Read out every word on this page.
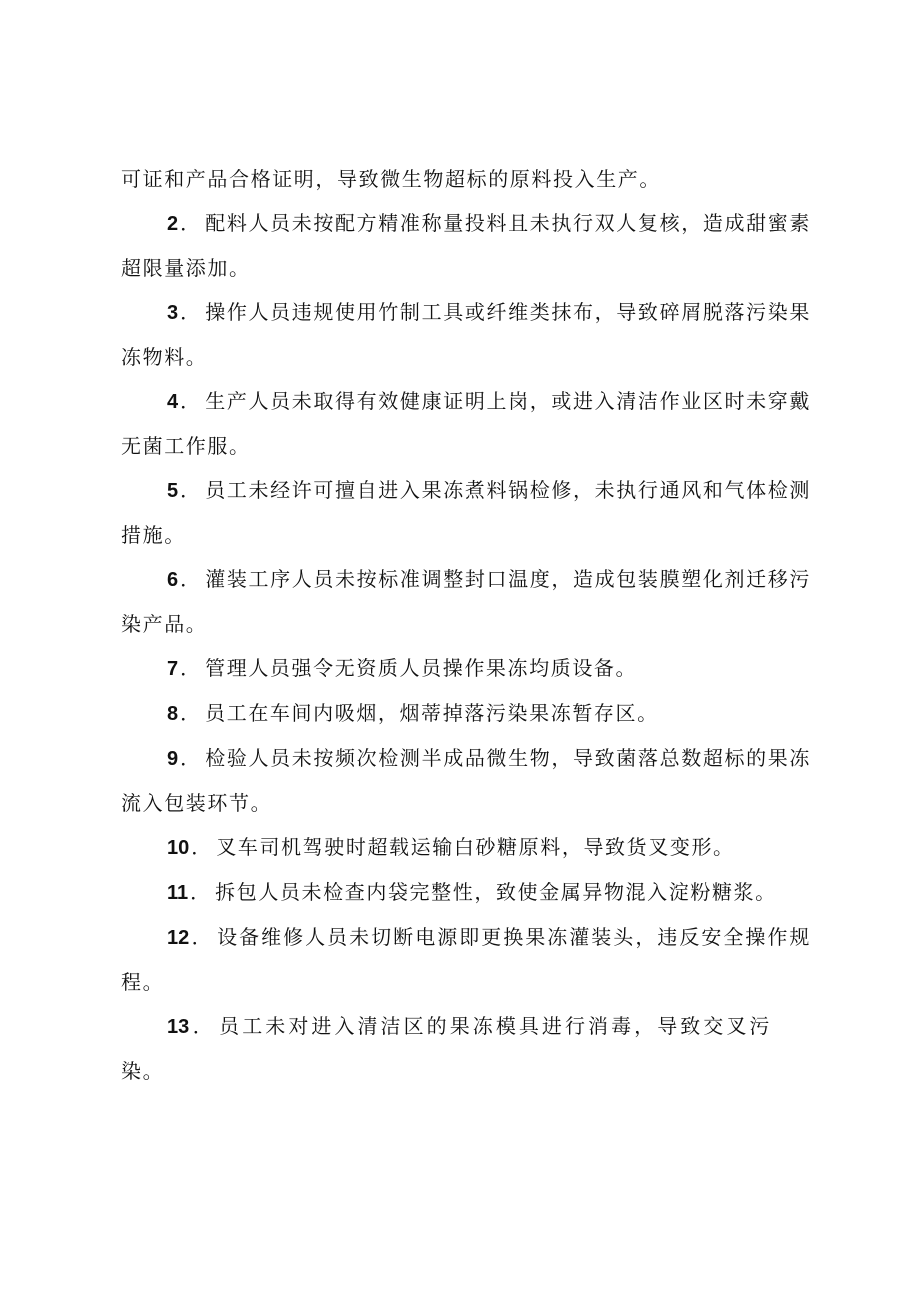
可证和产品合格证明，导致微生物超标的原料投入生产。

2 ．配料人员未按配方精准称量投料且未执行双人复核，造成甜蜜素超限量添加。

3 ．操作人员违规使用竹制工具或纤维类抹布，导致碎屑脱落污染果冻物料。

4 ．生产人员未取得有效健康证明上岗，或进入清洁作业区时未穿戴无菌工作服。

5 ．员工未经许可擅自进入果冻煮料锅检修，未执行通风和气体检测措施。

6 ．灌装工序人员未按标准调整封口温度，造成包装膜塑化剂迁移污染产品。

7 ．管理人员强令无资质人员操作果冻均质设备。

8 ．员工在车间内吸烟，烟蒂掉落污染果冻暂存区。

9 ．检验人员未按频次检测半成品微生物，导致菌落总数超标的果冻流入包装环节。

10 ．叉车司机驾驶时超载运输白砂糖原料，导致货叉变形。

11 ．拆包人员未检查内袋完整性，致使金属异物混入淀粉糖浆。

12 ．设备维修人员未切断电源即更换果冻灌装头，违反安全操作规程。

13 ．员工未对进入清洁区的果冻模具进行消毒，导致交叉污染。
